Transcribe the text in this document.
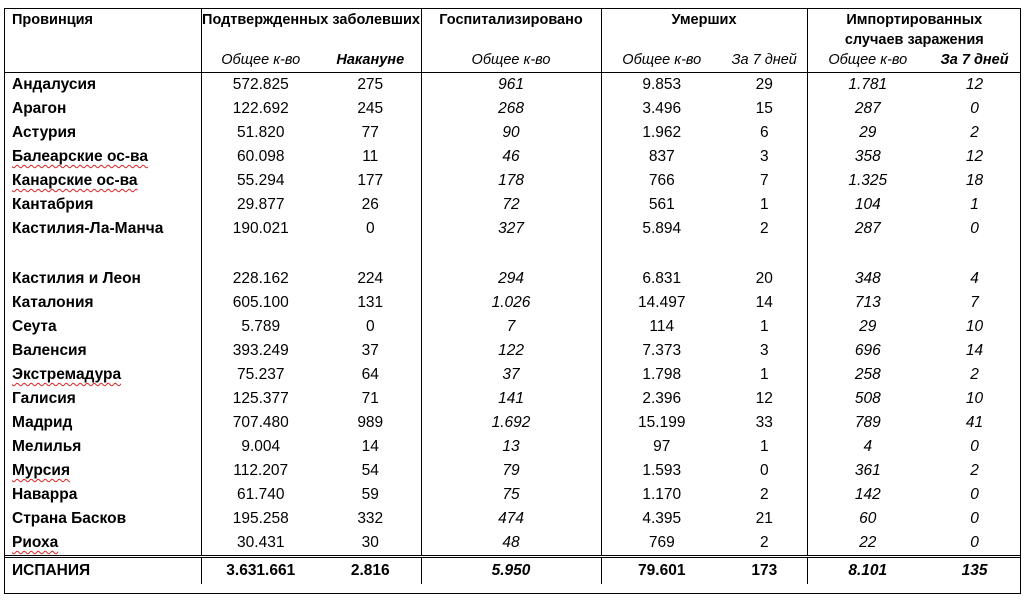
Провинция	Подтвержденных заболевших		Госпитализировано	Умерших		Импортированных случаев заражения	
	Общее к-во	Накануне	Общее к-во	Общее к-во	За 7 дней	Общее к-во	За 7 дней
Андалусия	572.825	275	961	9.853	29	1.781	12
Арагон	122.692	245	268	3.496	15	287	0
Астурия	51.820	77	90	1.962	6	29	2
Балеарские ос-ва	60.098	11	46	837	3	358	12
Канарские ос-ва	55.294	177	178	766	7	1.325	18
Кантабрия	29.877	26	72	561	1	104	1
Кастилия-Ла-Манча	190.021	0	327	5.894	2	287	0
Кастилия и Леон	228.162	224	294	6.831	20	348	4
Каталония	605.100	131	1.026	14.497	14	713	7
Сеута	5.789	0	7	114	1	29	10
Валенсия	393.249	37	122	7.373	3	696	14
Экстремадура	75.237	64	37	1.798	1	258	2
Галисия	125.377	71	141	2.396	12	508	10
Мадрид	707.480	989	1.692	15.199	33	789	41
Мелилья	9.004	14	13	97	1	4	0
Мурсия	112.207	54	79	1.593	0	361	2
Наварра	61.740	59	75	1.170	2	142	0
Страна Басков	195.258	332	474	4.395	21	60	0
Риоха	30.431	30	48	769	2	22	0
ИСПАНИЯ	3.631.661	2.816	5.950	79.601	173	8.101	135
